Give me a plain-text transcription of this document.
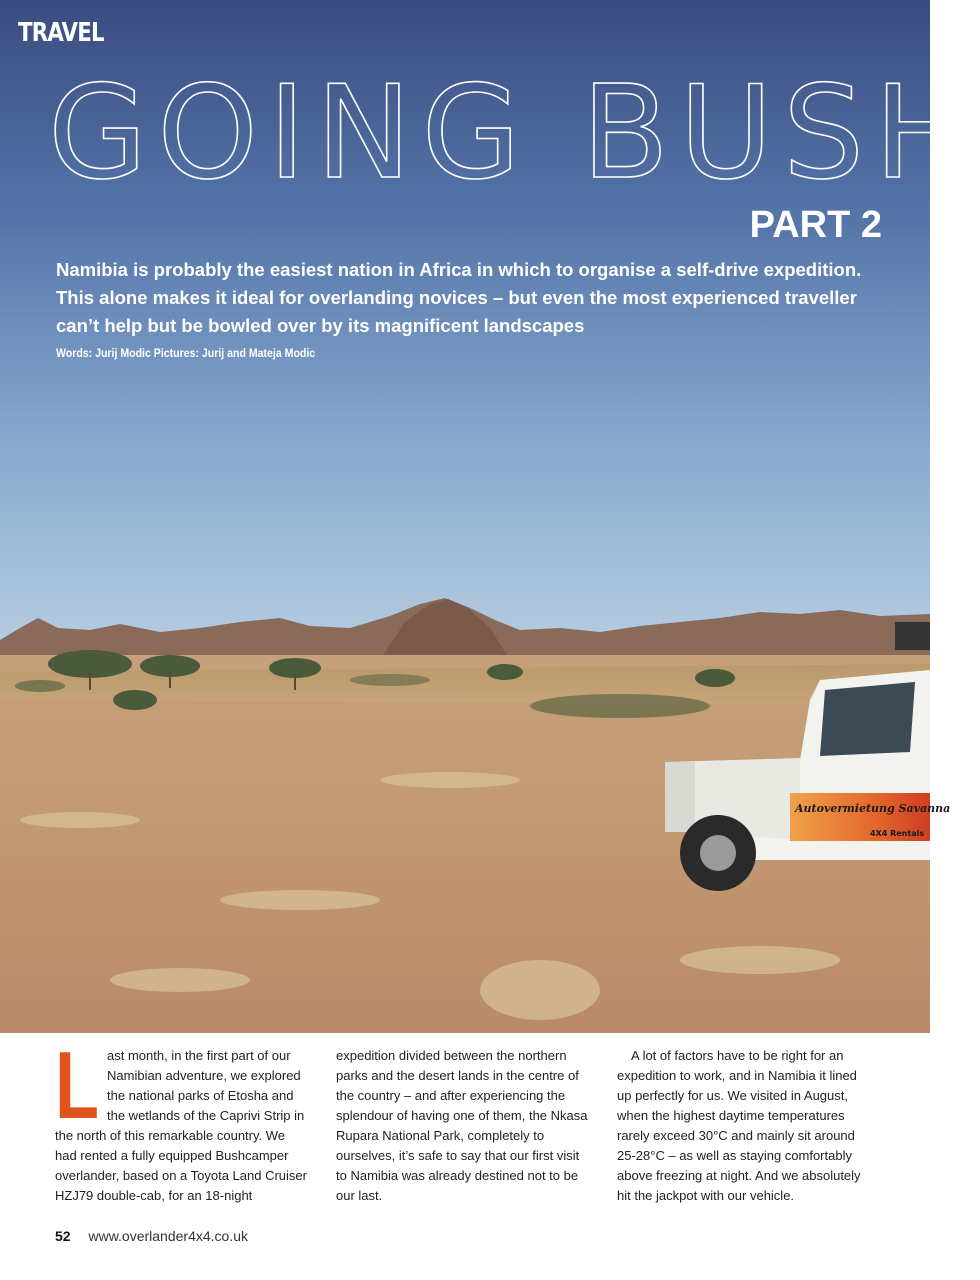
Autovermietung Savanna
4X4 Rentals
TRAVEL
GOING BUSH
PART 2
Namibia is probably the easiest nation in Africa in which to organise a self-drive expedition. This alone makes it ideal for overlanding novices – but even the most experienced traveller can’t help but be bowled over by its magnificent landscapes
Words: Jurij Modic Pictures: Jurij and Mateja Modic
L ast month, in the first part of our Namibian adventure, we explored the national parks of Etosha and the wetlands of the Caprivi Strip in the north of this remarkable country. We had rented a fully equipped Bushcamper overlander, based on a Toyota Land Cruiser HZJ79 double-cab, for an 18-night
expedition divided between the northern parks and the desert lands in the centre of the country – and after experiencing the splendour of having one of them, the Nkasa Rupara National Park, completely to ourselves, it’s safe to say that our first visit to Namibia was already destined not to be our last.
A lot of factors have to be right for an expedition to work, and in Namibia it lined up perfectly for us. We visited in August, when the highest daytime temperatures rarely exceed 30°C and mainly sit around 25-28°C – as well as staying comfortably above freezing at night. And we absolutely hit the jackpot with our vehicle.
52 www.overlander4x4.co.uk
